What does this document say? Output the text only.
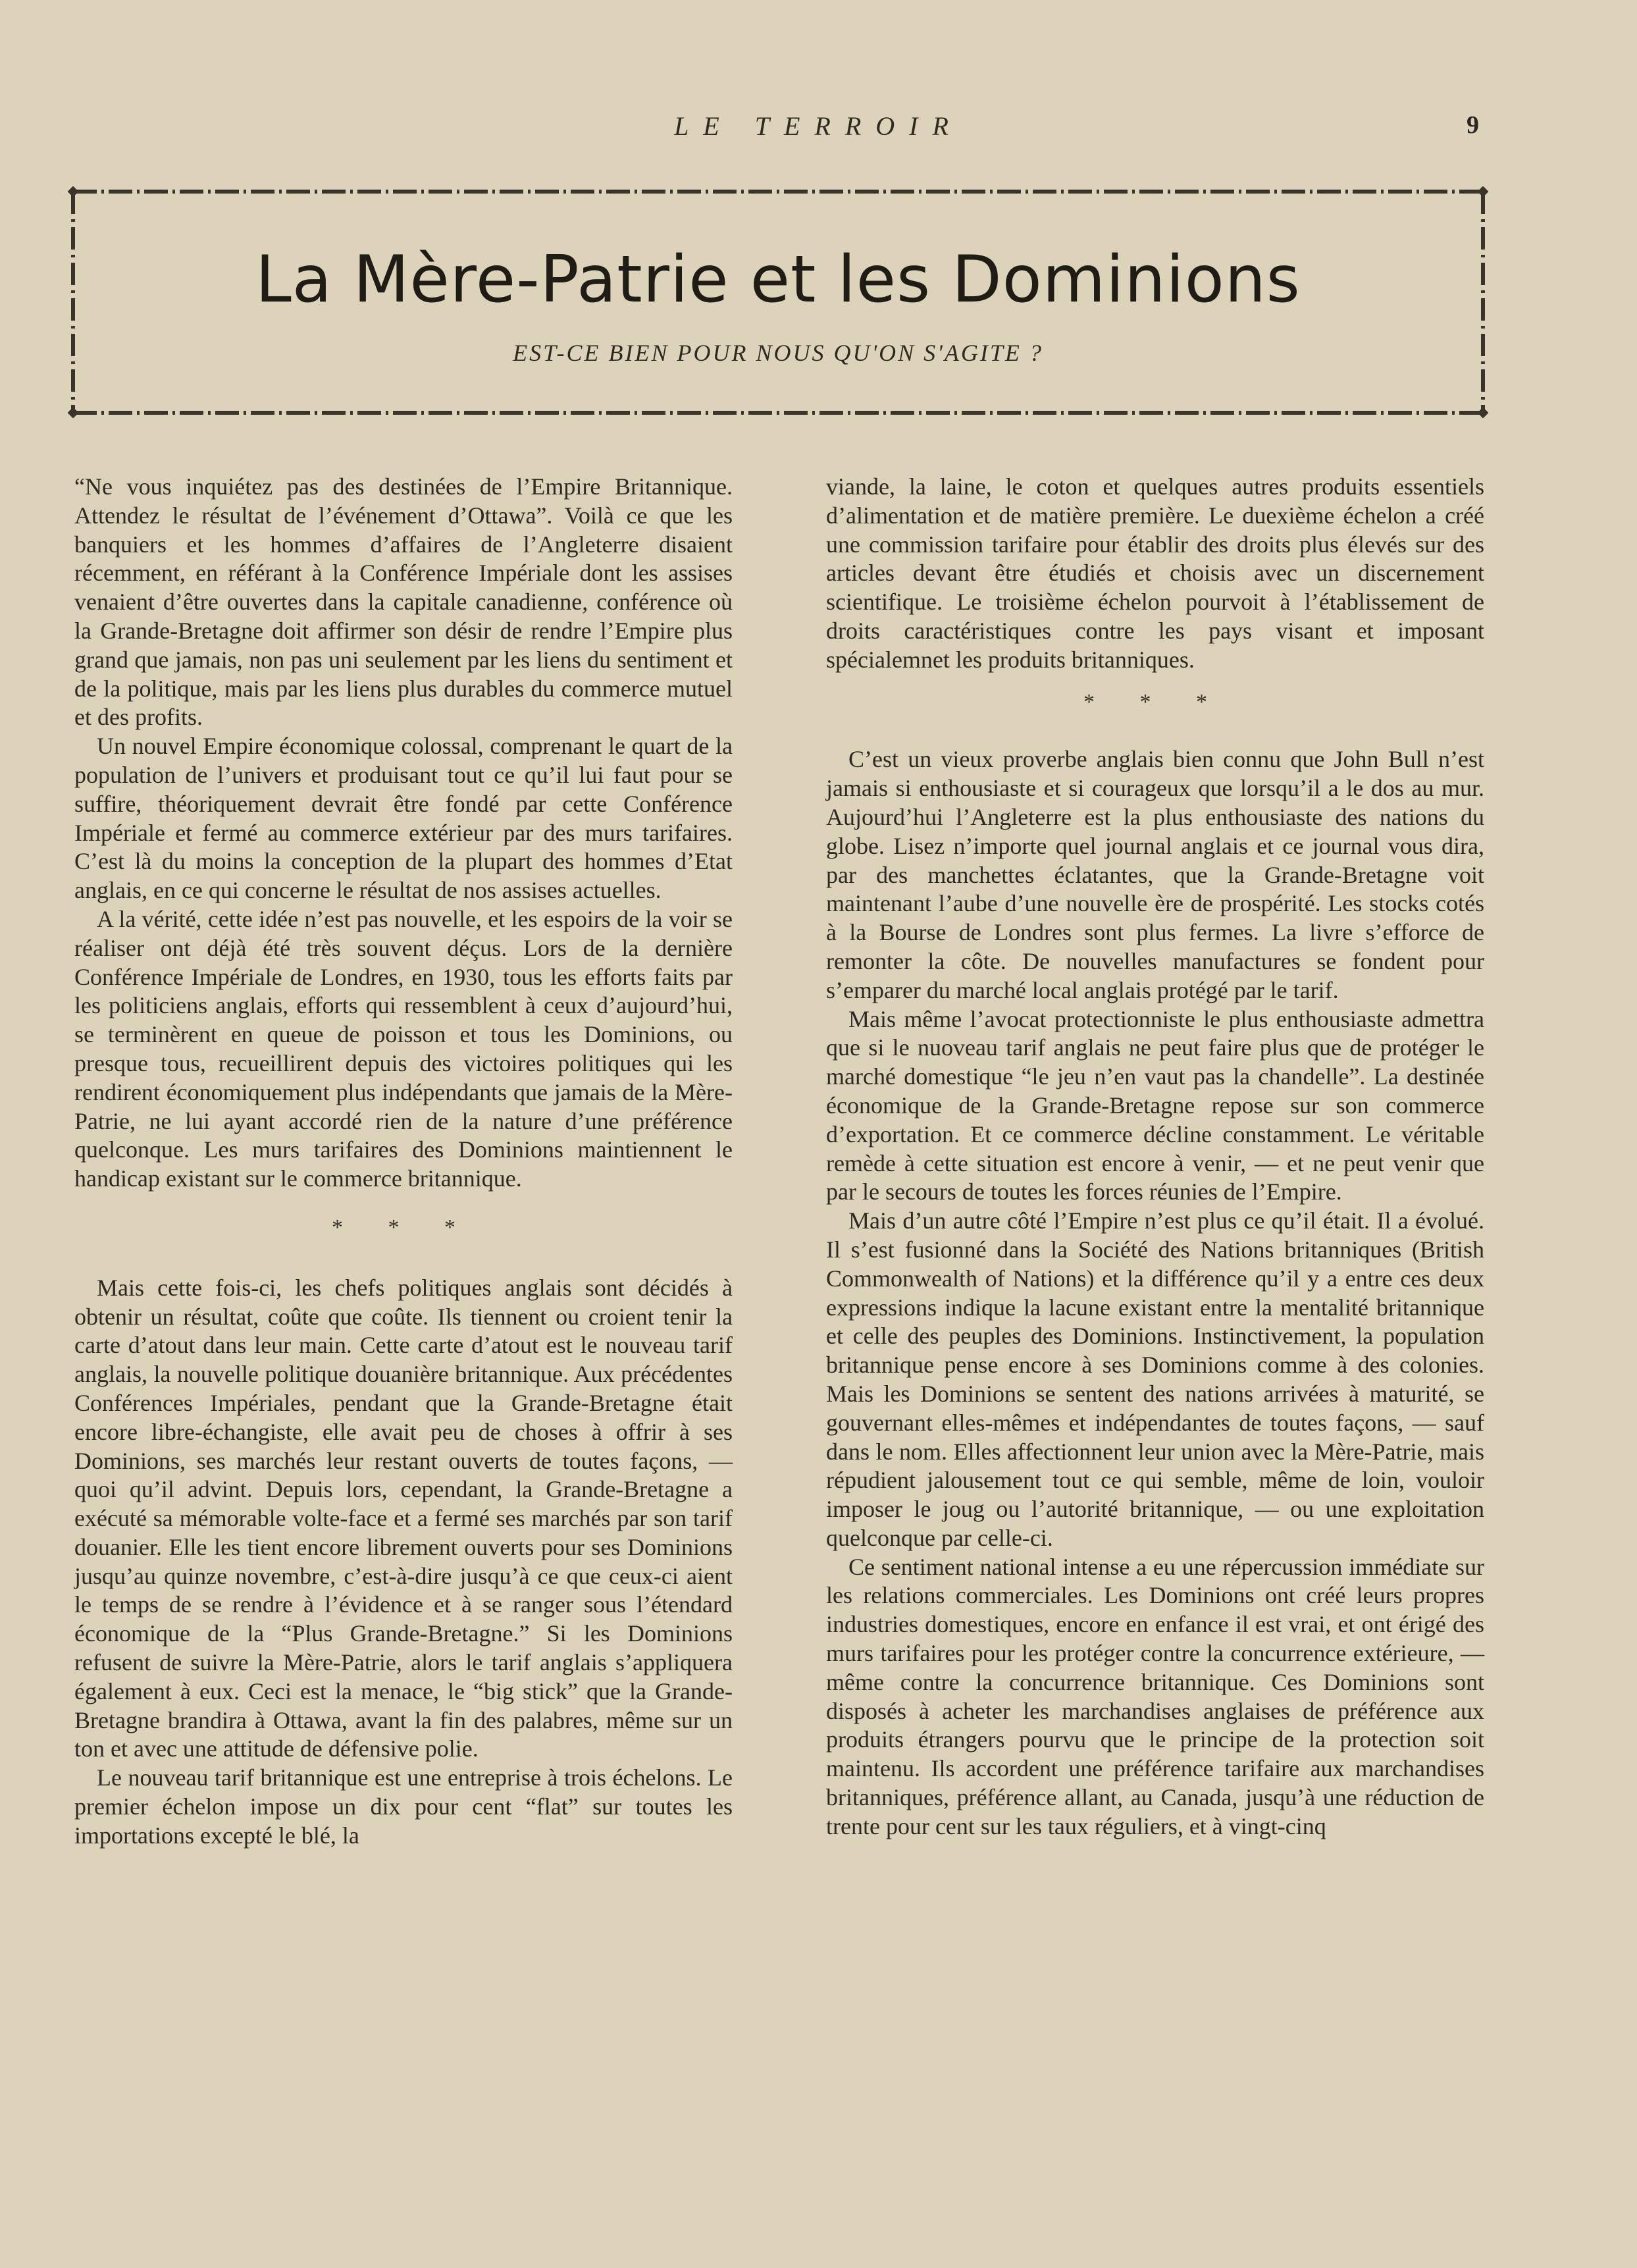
LE TERROIR	9
La Mère-Patrie et les Dominions
EST-CE BIEN POUR NOUS QU'ON S'AGITE ?

“Ne vous inquiétez pas des destinées de l’Empire Britannique. Attendez le résultat de l’événement d’Ottawa”. Voilà ce que les banquiers et les hommes d’affaires de l’Angleterre disaient récemment, en référant à la Conférence Impériale dont les assises venaient d’être ouvertes dans la capitale canadienne, conférence où la Grande-Bretagne doit affirmer son désir de rendre l’Empire plus grand que jamais, non pas uni seulement par les liens du sentiment et de la politique, mais par les liens plus durables du commerce mutuel et des profits.

Un nouvel Empire économique colossal, comprenant le quart de la population de l’univers et produisant tout ce qu’il lui faut pour se suffire, théoriquement devrait être fondé par cette Conférence Impériale et fermé au commerce extérieur par des murs tarifaires. C’est là du moins la conception de la plupart des hommes d’Etat anglais, en ce qui concerne le résultat de nos assises actuelles.

A la vérité, cette idée n’est pas nouvelle, et les espoirs de la voir se réaliser ont déjà été très souvent déçus. Lors de la dernière Conférence Impériale de Londres, en 1930, tous les efforts faits par les politiciens anglais, efforts qui ressemblent à ceux d’aujourd’hui, se terminèrent en queue de poisson et tous les Dominions, ou presque tous, recueillirent depuis des victoires politiques qui les rendirent économiquement plus indépendants que jamais de la Mère-Patrie, ne lui ayant accordé rien de la nature d’une préférence quelconque. Les murs tarifaires des Dominions maintiennent le handicap existant sur le commerce britannique.

* * *

Mais cette fois-ci, les chefs politiques anglais sont décidés à obtenir un résultat, coûte que coûte. Ils tiennent ou croient tenir la carte d’atout dans leur main. Cette carte d’atout est le nouveau tarif anglais, la nouvelle politique douanière britannique. Aux précédentes Conférences Impériales, pendant que la Grande-Bretagne était encore libre-échangiste, elle avait peu de choses à offrir à ses Dominions, ses marchés leur restant ouverts de toutes façons, — quoi qu’il advint. Depuis lors, cependant, la Grande-Bretagne a exécuté sa mémorable volte-face et a fermé ses marchés par son tarif douanier. Elle les tient encore librement ouverts pour ses Dominions jusqu’au quinze novembre, c’est-à-dire jusqu’à ce que ceux-ci aient le temps de se rendre à l’évidence et à se ranger sous l’étendard économique de la “Plus Grande-Bretagne.” Si les Dominions refusent de suivre la Mère-Patrie, alors le tarif anglais s’appliquera également à eux. Ceci est la menace, le “big stick” que la Grande-Bretagne brandira à Ottawa, avant la fin des palabres, même sur un ton et avec une attitude de défensive polie.

Le nouveau tarif britannique est une entreprise à trois échelons. Le premier échelon impose un dix pour cent “flat” sur toutes les importations excepté le blé, la

viande, la laine, le coton et quelques autres produits essentiels d’alimentation et de matière première. Le duexième échelon a créé une commission tarifaire pour établir des droits plus élevés sur des articles devant être étudiés et choisis avec un discernement scientifique. Le troisième échelon pourvoit à l’établissement de droits caractéristiques contre les pays visant et imposant spécialemnet les produits britanniques.

* * *

C’est un vieux proverbe anglais bien connu que John Bull n’est jamais si enthousiaste et si courageux que lorsqu’il a le dos au mur. Aujourd’hui l’Angleterre est la plus enthousiaste des nations du globe. Lisez n’importe quel journal anglais et ce journal vous dira, par des manchettes éclatantes, que la Grande-Bretagne voit maintenant l’aube d’une nouvelle ère de prospérité. Les stocks cotés à la Bourse de Londres sont plus fermes. La livre s’efforce de remonter la côte. De nouvelles manufactures se fondent pour s’emparer du marché local anglais protégé par le tarif.

Mais même l’avocat protectionniste le plus enthousiaste admettra que si le nuoveau tarif anglais ne peut faire plus que de protéger le marché domestique “le jeu n’en vaut pas la chandelle”. La destinée économique de la Grande-Bretagne repose sur son commerce d’exportation. Et ce commerce décline constamment. Le véritable remède à cette situation est encore à venir, — et ne peut venir que par le secours de toutes les forces réunies de l’Empire.

Mais d’un autre côté l’Empire n’est plus ce qu’il était. Il a évolué. Il s’est fusionné dans la Société des Nations britanniques (British Commonwealth of Nations) et la différence qu’il y a entre ces deux expressions indique la lacune existant entre la mentalité britannique et celle des peuples des Dominions. Instinctivement, la population britannique pense encore à ses Dominions comme à des colonies. Mais les Dominions se sentent des nations arrivées à maturité, se gouvernant elles-mêmes et indépendantes de toutes façons, — sauf dans le nom. Elles affectionnent leur union avec la Mère-Patrie, mais répudient jalousement tout ce qui semble, même de loin, vouloir imposer le joug ou l’autorité britannique, — ou une exploitation quelconque par celle-ci.

Ce sentiment national intense a eu une répercussion immédiate sur les relations commerciales. Les Dominions ont créé leurs propres industries domestiques, encore en enfance il est vrai, et ont érigé des murs tarifaires pour les protéger contre la concurrence extérieure, — même contre la concurrence britannique. Ces Dominions sont disposés à acheter les marchandises anglaises de préférence aux produits étrangers pourvu que le principe de la protection soit maintenu. Ils accordent une préférence tarifaire aux marchandises britanniques, préférence allant, au Canada, jusqu’à une réduction de trente pour cent sur les taux réguliers, et à vingt-cinq
